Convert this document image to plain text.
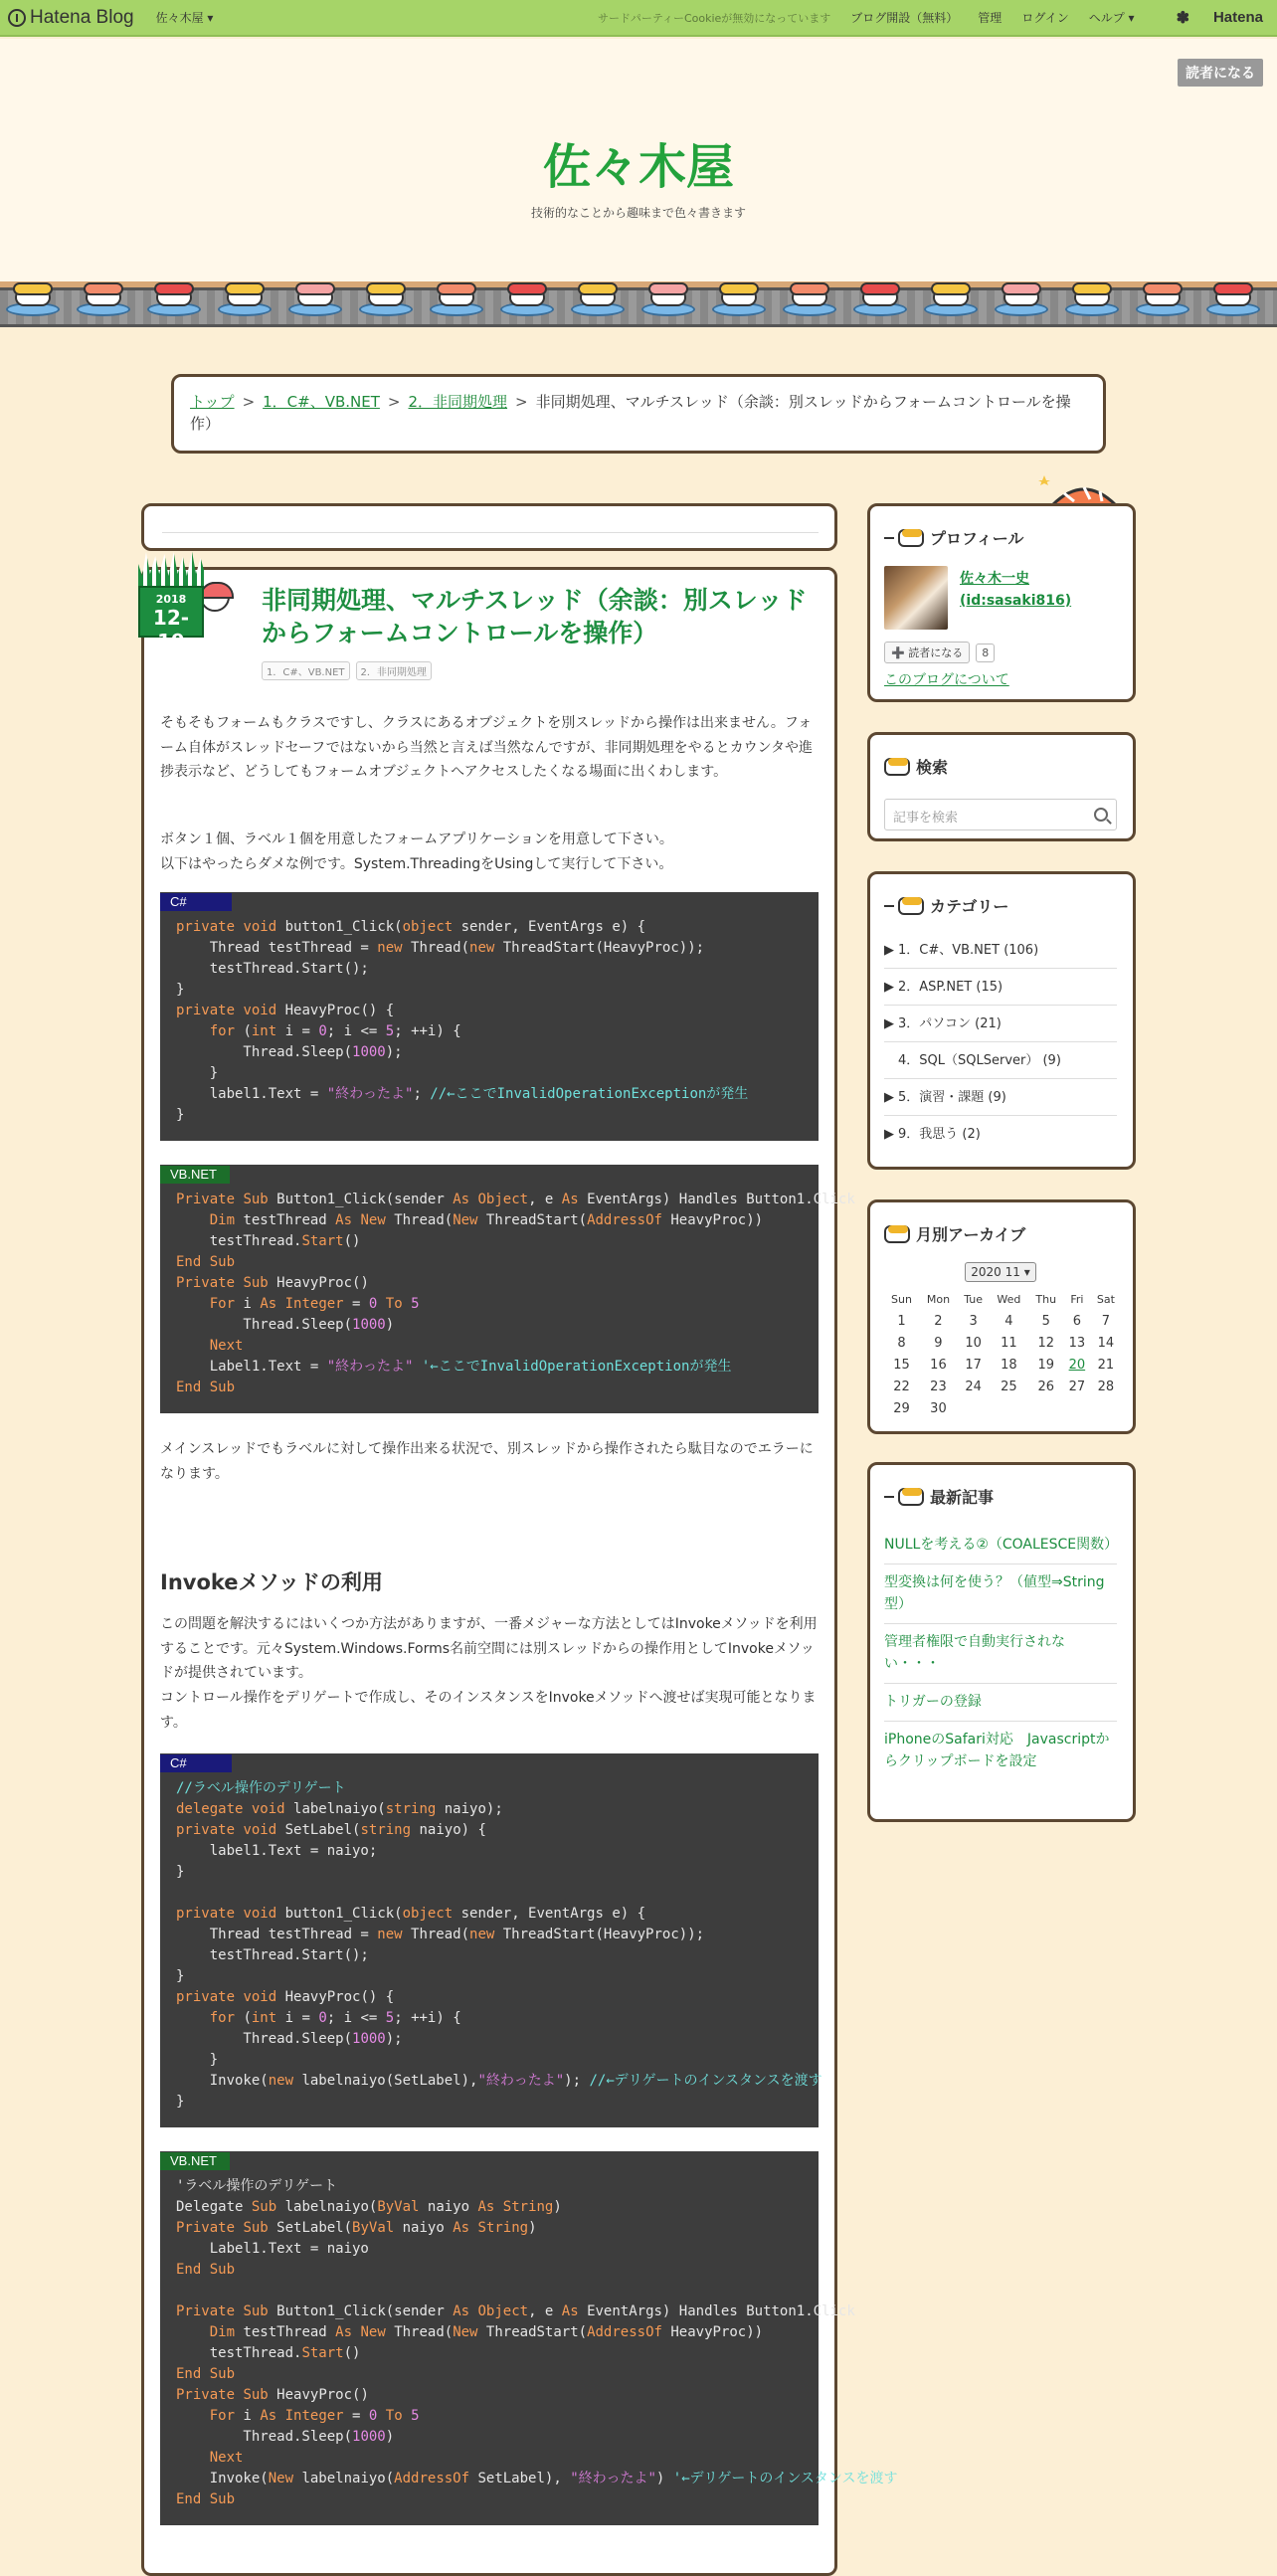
Hatena Blog 佐々木屋 ▾	サードパーティーCookieが無効になっています ブログ開設（無料） 管理 ログイン ヘルプ ▾	✽ Hatena
読者になる
佐々木屋
技術的なことから趣味まで色々書きます
トップ > 1．C#、VB.NET > 2．非同期処理 > 非同期処理、マルチスレッド（余談：別スレッドからフォームコントロールを操作）
2018
12-19
非同期処理、マルチスレッド（余談：別スレッドからフォームコントロールを操作）
1．C#、VB.NET	2．非同期処理
そもそもフォームもクラスですし、クラスにあるオブジェクトを別スレッドから操作は出来ません。フォーム自体がスレッドセーフではないから当然と言えば当然なんですが、非同期処理をやるとカウンタや進捗表示など、どうしてもフォームオブジェクトへアクセスしたくなる場面に出くわします。
ボタン１個、ラベル１個を用意したフォームアプリケーションを用意して下さい。
以下はやったらダメな例です。System.ThreadingをUsingして実行して下さい。
C#
private void button1_Click(object sender, EventArgs e) {
Thread testThread = new Thread(new ThreadStart(HeavyProc));
testThread.Start();
}
private void HeavyProc() {
for (int i = 0; i <= 5; ++i) {
Thread.Sleep(1000);
}
label1.Text = "終わったよ"; //←ここでInvalidOperationExceptionが発生
}
VB.NET
Private Sub Button1_Click(sender As Object, e As EventArgs) Handles Button1.Click
Dim testThread As New Thread(New ThreadStart(AddressOf HeavyProc))
testThread.Start()
End Sub
Private Sub HeavyProc()
For i As Integer = 0 To 5
Thread.Sleep(1000)
Next
Label1.Text = "終わったよ" '←ここでInvalidOperationExceptionが発生
End Sub
メインスレッドでもラベルに対して操作出来る状況で、別スレッドから操作されたら駄目なのでエラーになります。
Invokeメソッドの利用
この問題を解決するにはいくつか方法がありますが、一番メジャーな方法としてはInvokeメソッドを利用することです。元々System.Windows.Forms名前空間には別スレッドからの操作用としてInvokeメソッドが提供されています。
コントロール操作をデリゲートで作成し、そのインスタンスをInvokeメソッドへ渡せば実現可能となります。
C#
//ラベル操作のデリゲート
delegate void labelnaiyo(string naiyo);
private void SetLabel(string naiyo) {
label1.Text = naiyo;
}

private void button1_Click(object sender, EventArgs e) {
Thread testThread = new Thread(new ThreadStart(HeavyProc));
testThread.Start();
}
private void HeavyProc() {
for (int i = 0; i <= 5; ++i) {
Thread.Sleep(1000);
}
Invoke(new labelnaiyo(SetLabel),"終わったよ"); //←デリゲートのインスタンスを渡す
}
VB.NET
'ラベル操作のデリゲート
Delegate Sub labelnaiyo(ByVal naiyo As String)
Private Sub SetLabel(ByVal naiyo As String)
Label1.Text = naiyo
End Sub

Private Sub Button1_Click(sender As Object, e As EventArgs) Handles Button1.Click
Dim testThread As New Thread(New ThreadStart(AddressOf HeavyProc))
testThread.Start()
End Sub
Private Sub HeavyProc()
For i As Integer = 0 To 5
Thread.Sleep(1000)
Next
Invoke(New labelnaiyo(AddressOf SetLabel), "終わったよ") '←デリゲートのインスタンスを渡す
End Sub
プロフィール
佐々木一史
(id:sasaki816)
➕ 読者になる	8
このブログについて
検索
記事を検索
カテゴリー
▶ 1．C#、VB.NET (106)
▶ 2．ASP.NET (15)
▶ 3．パソコン (21)
4．SQL（SQLServer） (9)
▶ 5．演習・課題 (9)
▶ 9．我思う (2)
月別アーカイブ
2020 11 ▾
Sun	Mon	Tue	Wed	Thu	Fri	Sat
1	2	3	4	5	6	7
8	9	10	11	12	13	14
15	16	17	18	19	20	21
22	23	24	25	26	27	28
29	30					
最新記事
NULLを考える②（COALESCE関数）
型変換は何を使う？（値型⇒String型）
管理者権限で自動実行されない・・・
トリガーの登録
iPhoneのSafari対応　Javascriptからクリップボードを設定
